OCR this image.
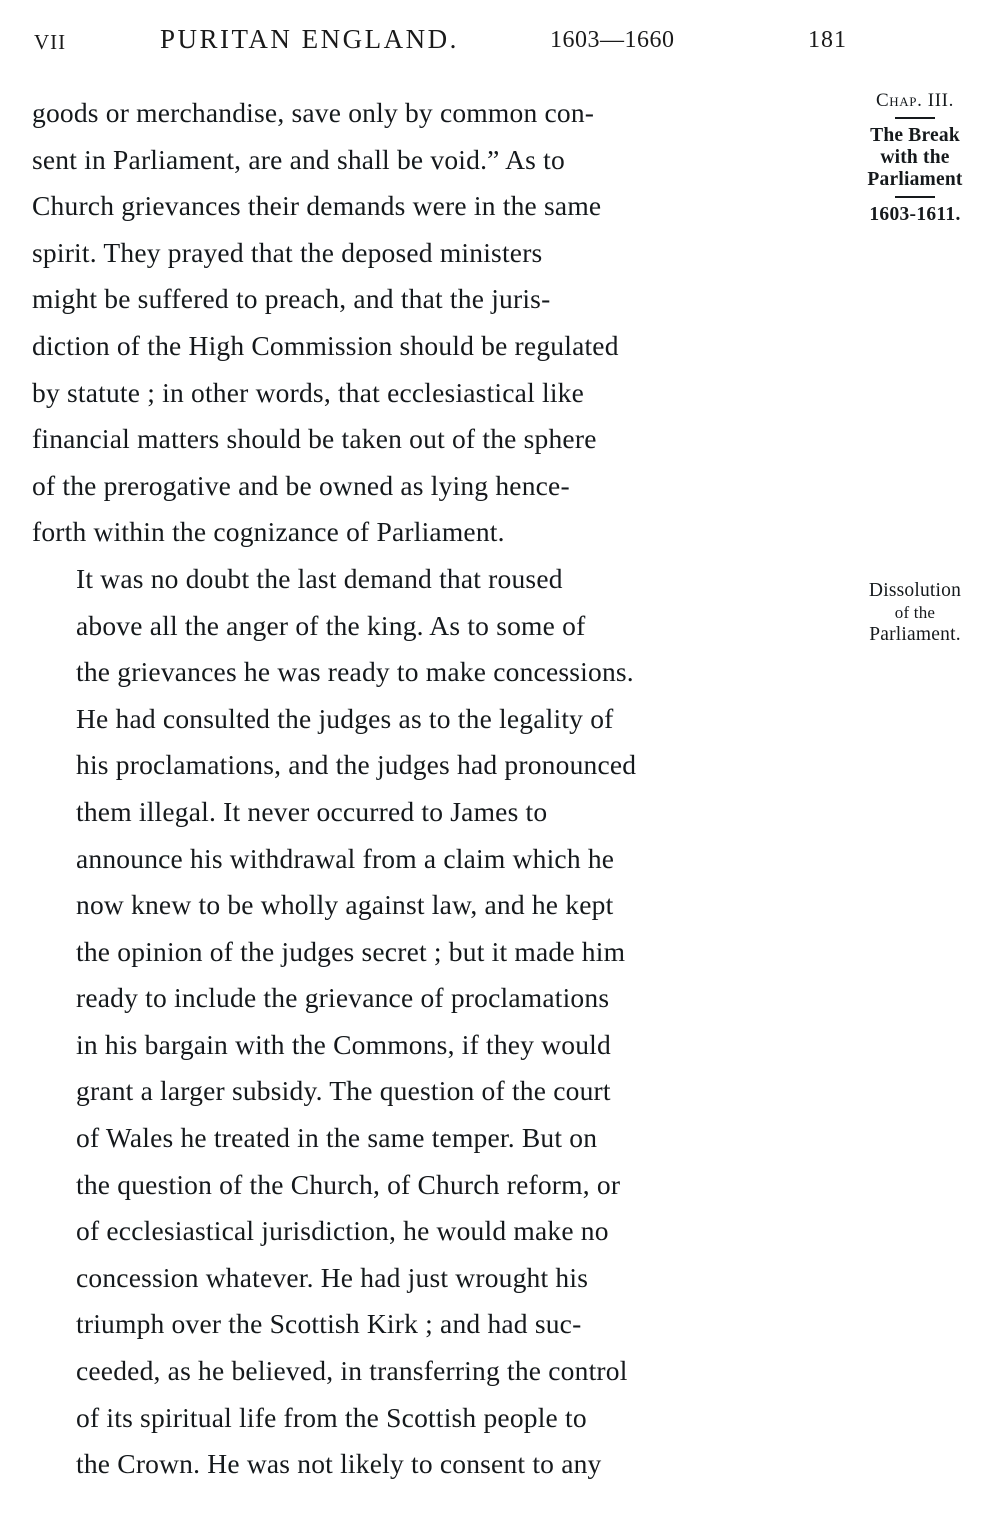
VII	PURITAN ENGLAND.	1603—1660	181

goods or merchandise, save only by common con-
sent in Parliament, are and shall be void.” As to
Church grievances their demands were in the same
spirit. They prayed that the deposed ministers
might be suffered to preach, and that the juris-
diction of the High Commission should be regulated
by statute ; in other words, that ecclesiastical like
financial matters should be taken out of the sphere
of the prerogative and be owned as lying hence-
forth within the cognizance of Parliament.

It was no doubt the last demand that roused
above all the anger of the king. As to some of
the grievances he was ready to make concessions.
He had consulted the judges as to the legality of
his proclamations, and the judges had pronounced
them illegal. It never occurred to James to
announce his withdrawal from a claim which he
now knew to be wholly against law, and he kept
the opinion of the judges secret ; but it made him
ready to include the grievance of proclamations
in his bargain with the Commons, if they would
grant a larger subsidy. The question of the court
of Wales he treated in the same temper. But on
the question of the Church, of Church reform, or
of ecclesiastical jurisdiction, he would make no
concession whatever. He had just wrought his
triumph over the Scottish Kirk ; and had suc-
ceeded, as he believed, in transferring the control
of its spiritual life from the Scottish people to
the Crown. He was not likely to consent to any

Chap. III.
The Break
with the
Parliament
1603-1611.
Dissolution
of the
Parliament.
